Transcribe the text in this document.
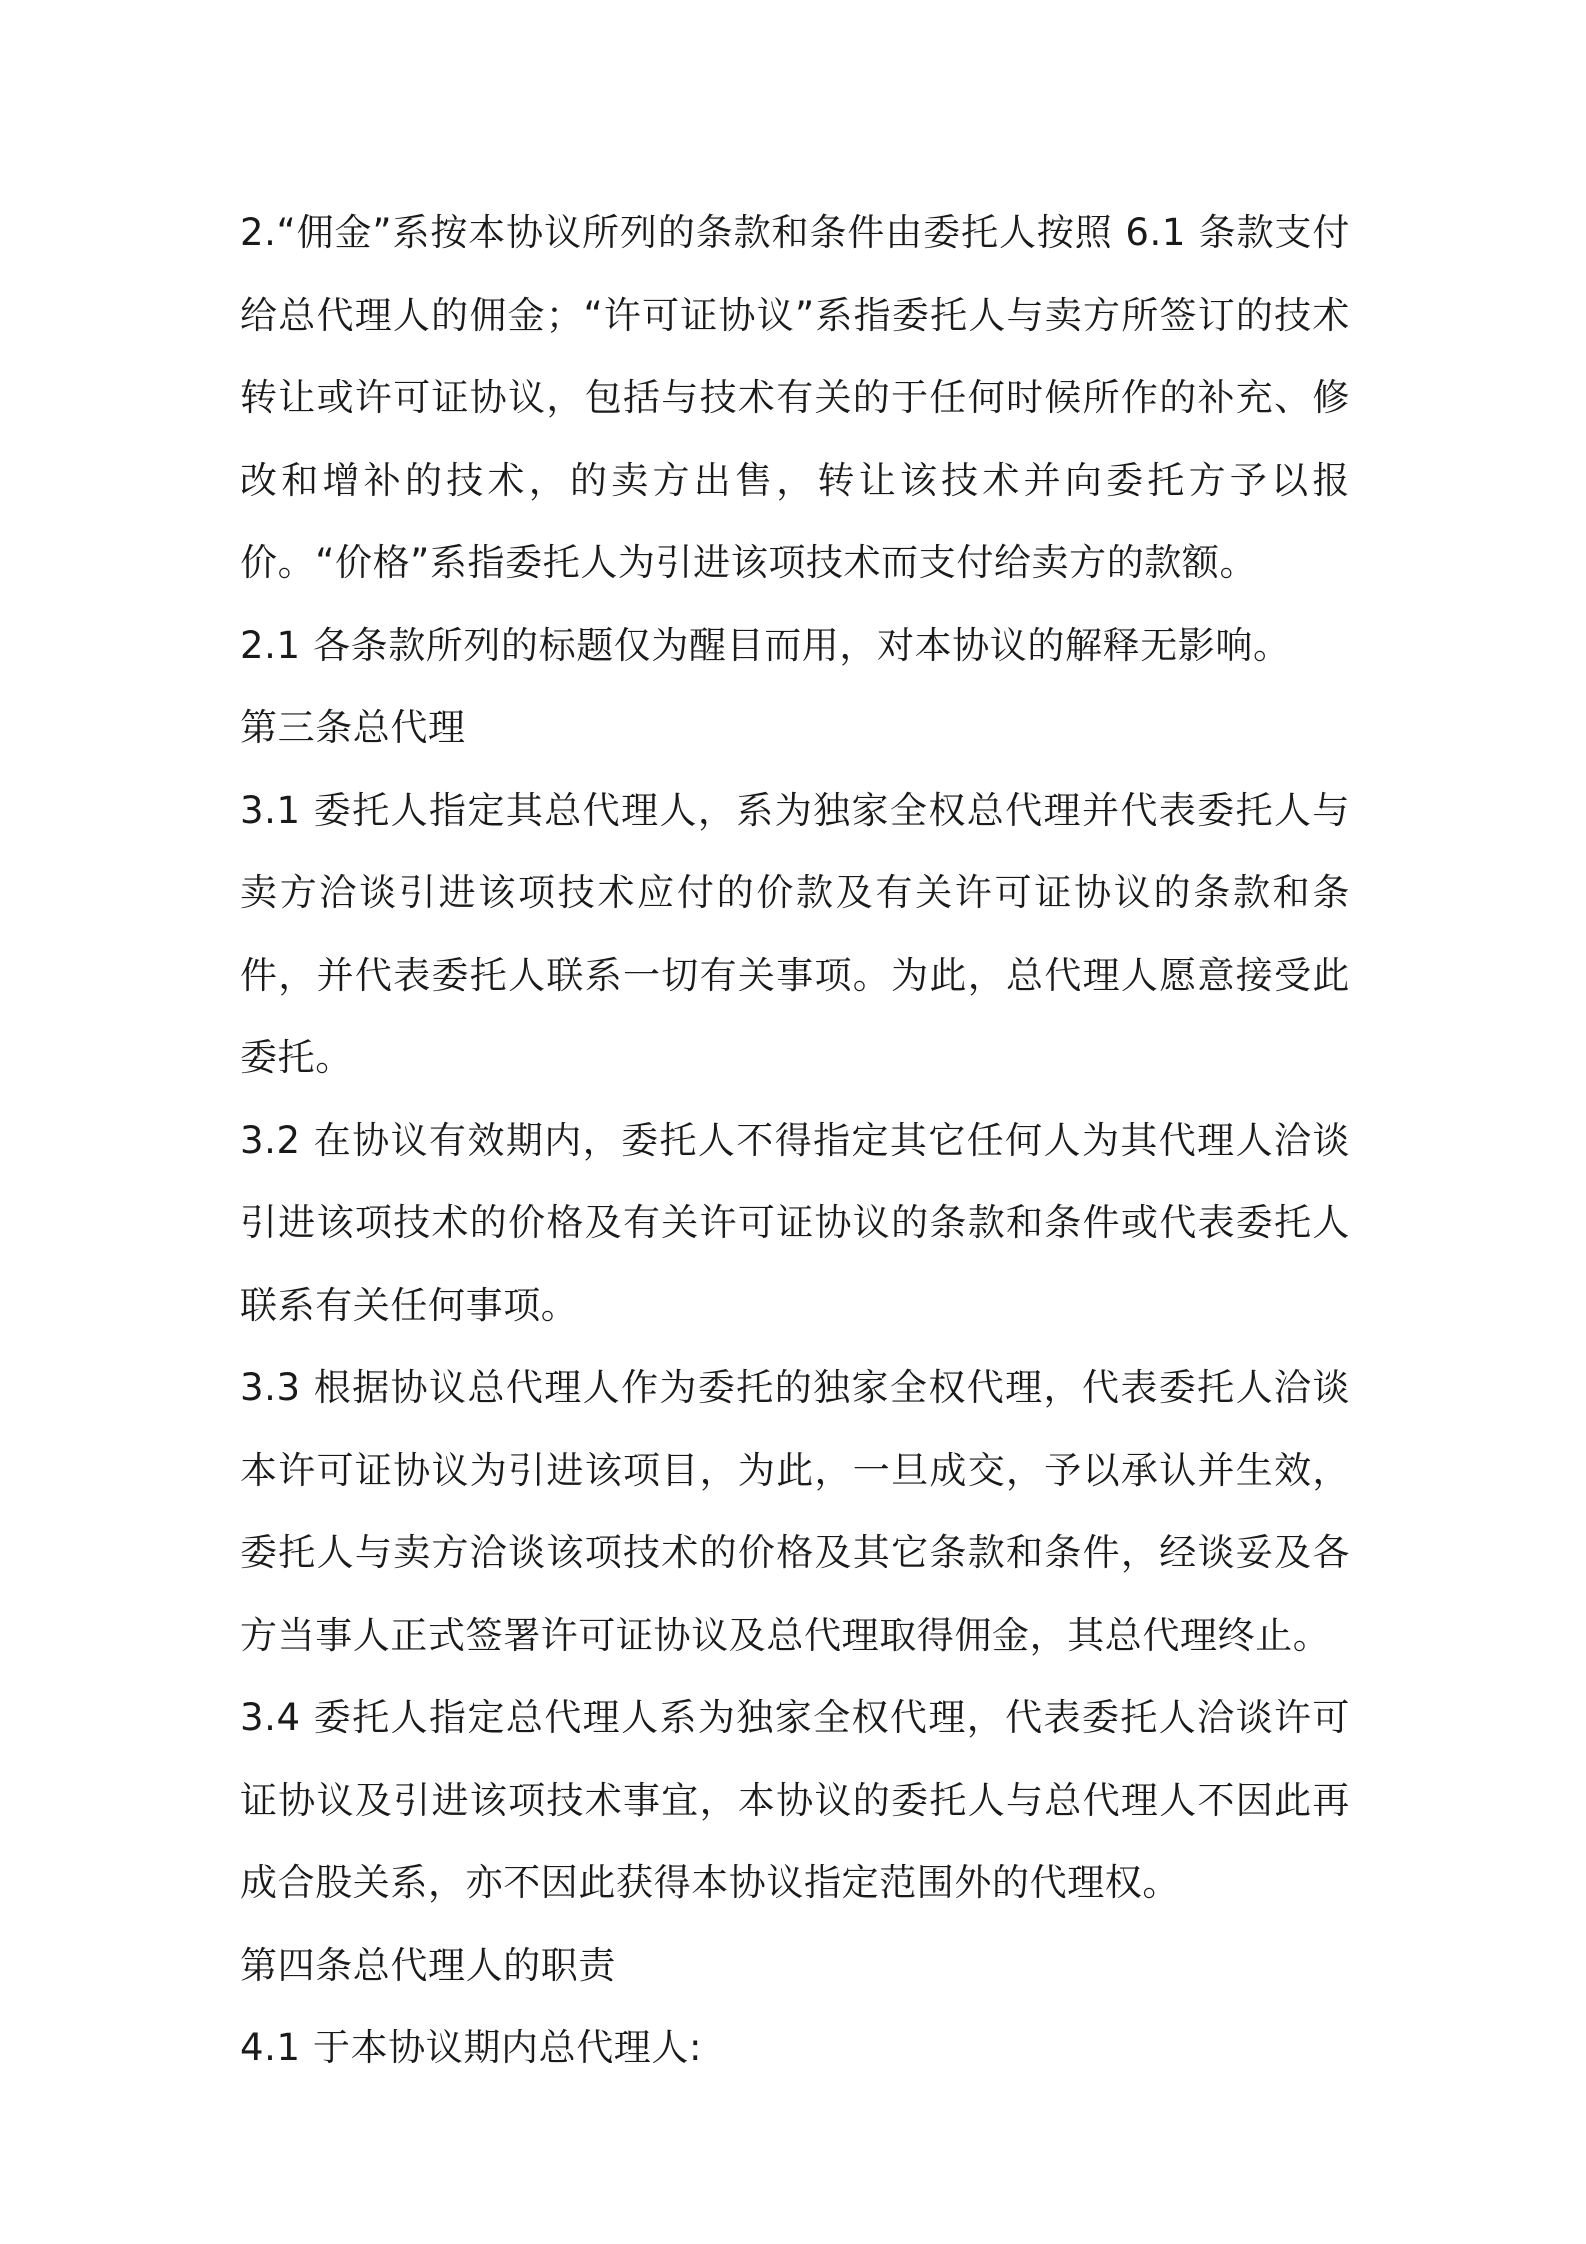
2.“佣金”系按本协议所列的条款和条件由委托人按照 6.1 条款支付给总代理人的佣金；“许可证协议”系指委托人与卖方所签订的技术转让或许可证协议，包括与技术有关的于任何时候所作的补充、修改和增补的技术，的卖方出售，转让该技术并向委托方予以报价。“价格”系指委托人为引进该项技术而支付给卖方的款额。

2.1 各条款所列的标题仅为醒目而用，对本协议的解释无影响。

第三条总代理

3.1 委托人指定其总代理人，系为独家全权总代理并代表委托人与卖方洽谈引进该项技术应付的价款及有关许可证协议的条款和条件，并代表委托人联系一切有关事项。为此，总代理人愿意接受此委托。

3.2 在协议有效期内，委托人不得指定其它任何人为其代理人洽谈引进该项技术的价格及有关许可证协议的条款和条件或代表委托人联系有关任何事项。

3.3 根据协议总代理人作为委托的独家全权代理，代表委托人洽谈本许可证协议为引进该项目，为此，一旦成交，予以承认并生效，委托人与卖方洽谈该项技术的价格及其它条款和条件，经谈妥及各方当事人正式签署许可证协议及总代理取得佣金，其总代理终止。

3.4 委托人指定总代理人系为独家全权代理，代表委托人洽谈许可证协议及引进该项技术事宜，本协议的委托人与总代理人不因此再成合股关系，亦不因此获得本协议指定范围外的代理权。

第四条总代理人的职责

4.1 于本协议期内总代理人:
